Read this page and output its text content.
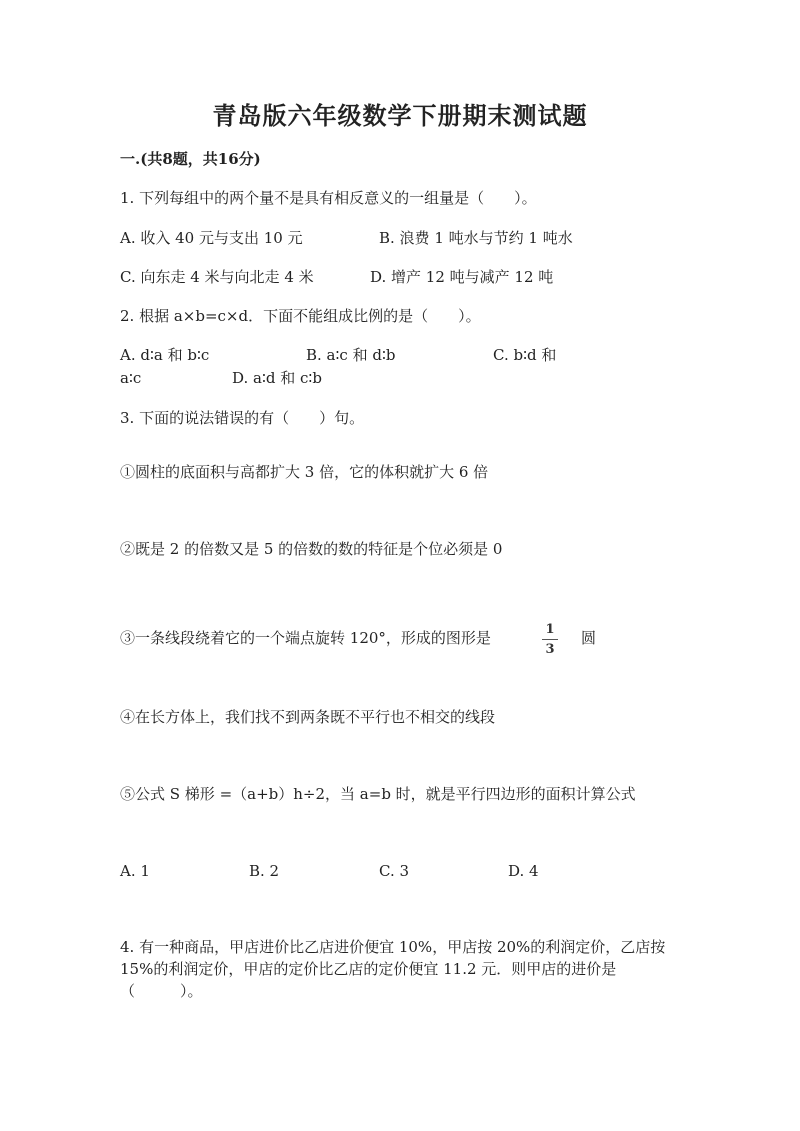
青岛版六年级数学下册期末测试题
一.(共8题，共16分)
1. 下列每组中的两个量不是具有相反意义的一组量是（　　）。
A. 收入 40 元与支出 10 元	B. 浪费 1 吨水与节约 1 吨水
C. 向东走 4 米与向北走 4 米	D. 增产 12 吨与减产 12 吨
2. 根据 a×b=c×d．下面不能组成比例的是（　　）。
A. d∶a 和 b∶c	B. a∶c 和 d∶b	C. b∶d 和
a∶c	D. a∶d 和 c∶b
3. 下面的说法错误的有（　　）句。
①圆柱的底面积与高都扩大 3 倍，它的体积就扩大 6 倍
②既是 2 的倍数又是 5 的倍数的数的特征是个位必须是 0
③一条线段绕着它的一个端点旋转 120°，形成的图形是	1
3
圆
④在长方体上，我们找不到两条既不平行也不相交的线段
⑤公式 S 梯形 =（a+b）h÷2，当 a=b 时，就是平行四边形的面积计算公式
A. 1	B. 2	C. 3	D. 4
4. 有一种商品，甲店进价比乙店进价便宜 10%，甲店按 20%的利润定价，乙店按
15%的利润定价，甲店的定价比乙店的定价便宜 11.2 元．则甲店的进价是
（　　　）。
